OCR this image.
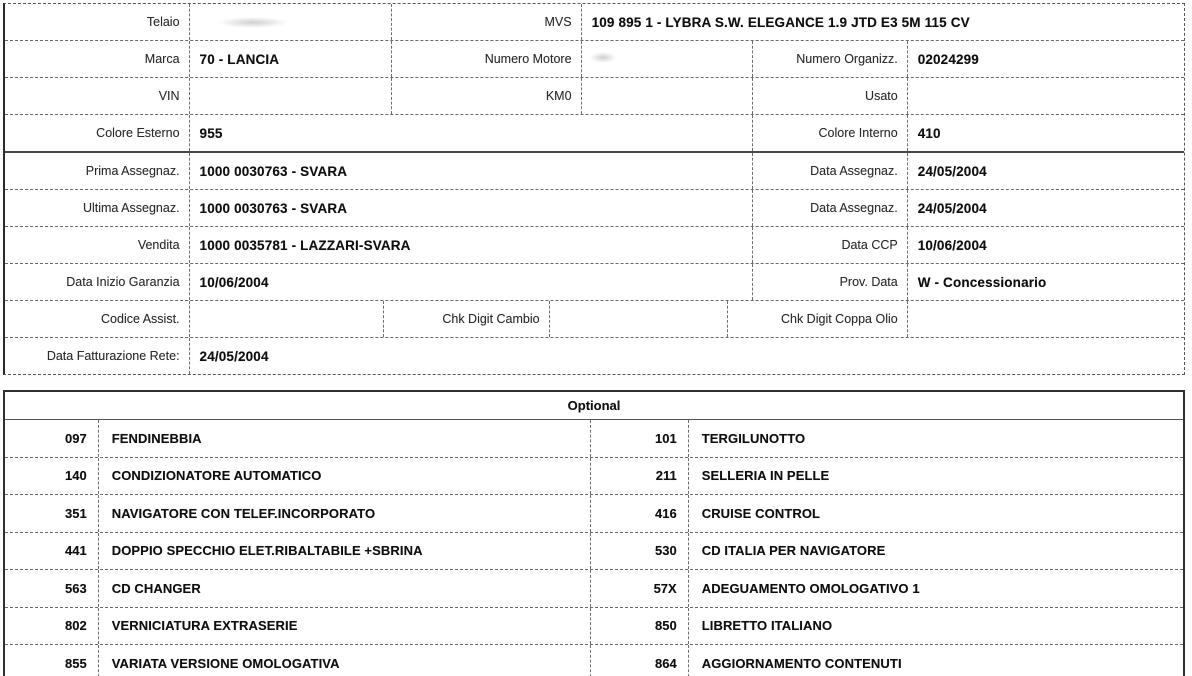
Telaio	MVS 109 895 1 - LYBRA S.W. ELEGANCE 1.9 JTD E3 5M 115 CV
Marca 70 - LANCIA	Numero Motore	Numero Organizz. 02024299
VIN	KM0	Usato
Colore Esterno 955	Colore Interno 410
Prima Assegnaz. 1000 0030763 - SVARA	Data Assegnaz. 24/05/2004
Ultima Assegnaz. 1000 0030763 - SVARA	Data Assegnaz. 24/05/2004
Vendita 1000 0035781 - LAZZARI-SVARA	Data CCP 10/06/2004
Data Inizio Garanzia 10/06/2004	Prov. Data W - Concessionario
Codice Assist.	Chk Digit Cambio	Chk Digit Coppa Olio
Data Fatturazione Rete: 24/05/2004
Optional
097	FENDINEBBIA	101	TERGILUNOTTO
140	CONDIZIONATORE AUTOMATICO	211	SELLERIA IN PELLE
351	NAVIGATORE CON TELEF.INCORPORATO	416	CRUISE CONTROL
441	DOPPIO SPECCHIO ELET.RIBALTABILE +SBRINA	530	CD ITALIA PER NAVIGATORE
563	CD CHANGER	57X	ADEGUAMENTO OMOLOGATIVO 1
802	VERNICIATURA EXTRASERIE	850	LIBRETTO ITALIANO
855	VARIATA VERSIONE OMOLOGATIVA	864	AGGIORNAMENTO CONTENUTI
